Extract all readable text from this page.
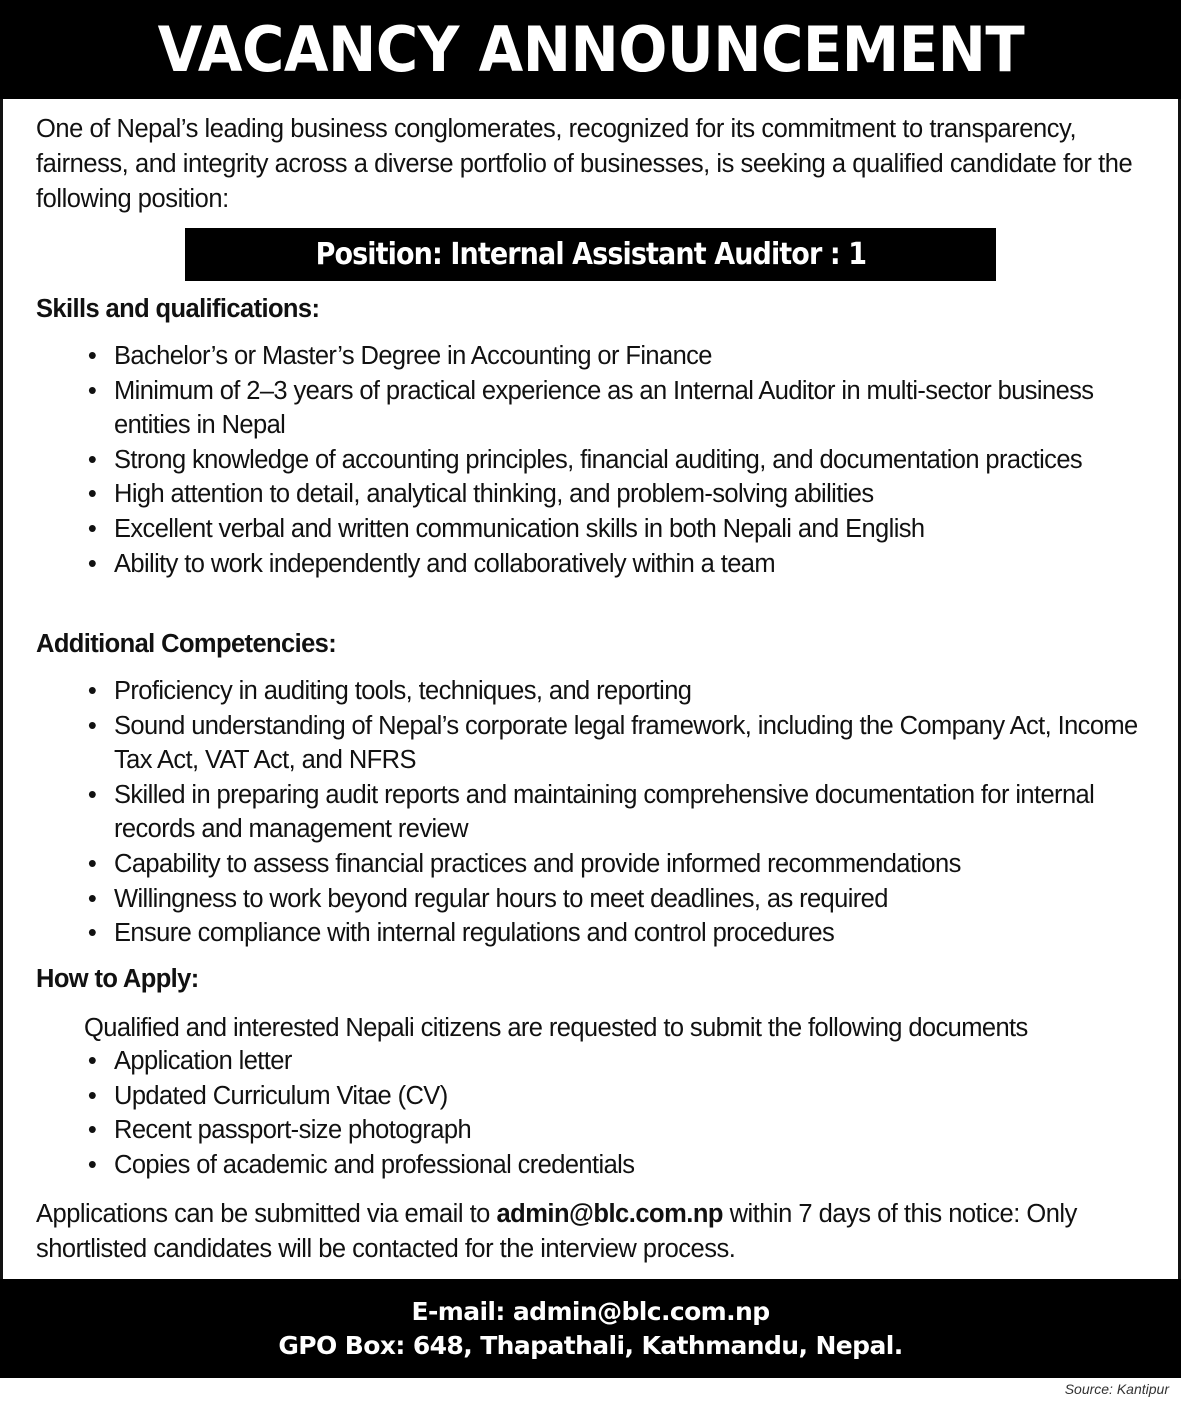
VACANCY ANNOUNCEMENT

One of Nepal’s leading business conglomerates, recognized for its commitment to transparency, fairness, and integrity across a diverse portfolio of businesses, is seeking a qualified candidate for the following position:

Position: Internal Assistant Auditor : 1
Skills and qualifications:
• Bachelor’s or Master’s Degree in Accounting or Finance
• Minimum of 2–3 years of practical experience as an Internal Auditor in multi-sector business entities in Nepal
• Strong knowledge of accounting principles, financial auditing, and documentation practices
• High attention to detail, analytical thinking, and problem-solving abilities
• Excellent verbal and written communication skills in both Nepali and English
• Ability to work independently and collaboratively within a team
Additional Competencies:
• Proficiency in auditing tools, techniques, and reporting
• Sound understanding of Nepal’s corporate legal framework, including the Company Act, Income Tax Act, VAT Act, and NFRS
• Skilled in preparing audit reports and maintaining comprehensive documentation for internal records and management review
• Capability to assess financial practices and provide informed recommendations
• Willingness to work beyond regular hours to meet deadlines, as required
• Ensure compliance with internal regulations and control procedures
How to Apply:

Qualified and interested Nepali citizens are requested to submit the following documents

• Application letter
• Updated Curriculum Vitae (CV)
• Recent passport-size photograph
• Copies of academic and professional credentials

Applications can be submitted via email to admin@blc.com.np within 7 days of this notice: Only shortlisted candidates will be contacted for the interview process.

E-mail: admin@blc.com.np
GPO Box: 648, Thapathali, Kathmandu, Nepal.
Source: Kantipur
